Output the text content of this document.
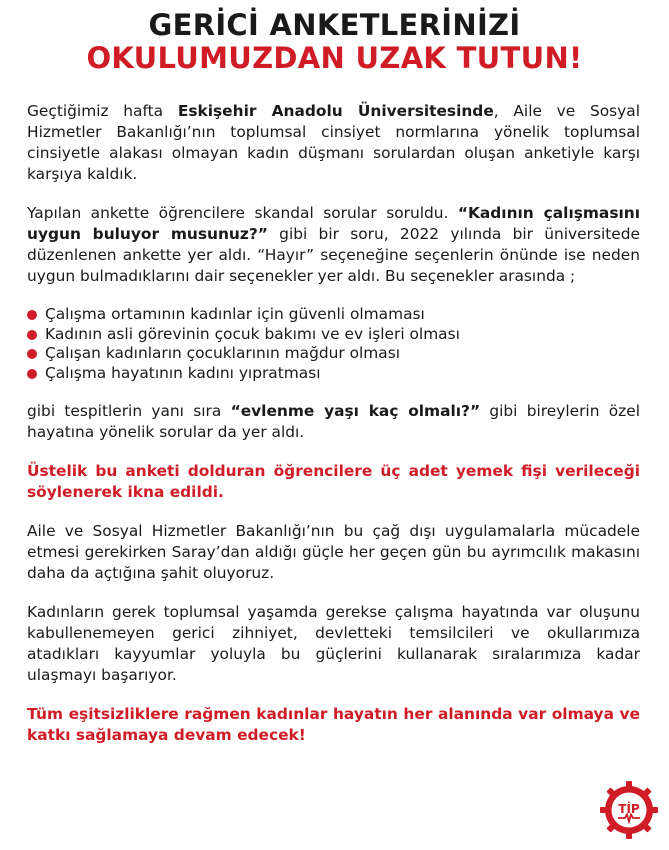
GERİCİ ANKETLERİNİZİ
OKULUMUZDAN UZAK TUTUN!

Geçtiğimiz hafta Eskişehir Anadolu Üniversitesinde, Aile ve Sosyal Hizmetler Bakanlığı’nın toplumsal cinsiyet normlarına yönelik toplumsal cinsiyetle alakası olmayan kadın düşmanı sorulardan oluşan anketiyle karşı karşıya kaldık.

Yapılan ankette öğrencilere skandal sorular soruldu. “Kadının çalışmasını uygun buluyor musunuz?” gibi bir soru, 2022 yılında bir üniversitede düzenlenen ankette yer aldı. “Hayır” seçeneğine seçenlerin önünde ise neden uygun bulmadıklarını dair seçenekler yer aldı. Bu seçenekler arasında ;

Çalışma ortamının kadınlar için güvenli olmaması
Kadının asli görevinin çocuk bakımı ve ev işleri olması
Çalışan kadınların çocuklarının mağdur olması
Çalışma hayatının kadını yıpratması

gibi tespitlerin yanı sıra “evlenme yaşı kaç olmalı?” gibi bireylerin özel hayatına yönelik sorular da yer aldı.

Üstelik bu anketi dolduran öğrencilere üç adet yemek fişi verileceği söylenerek ikna edildi.

Aile ve Sosyal Hizmetler Bakanlığı’nın bu çağ dışı uygulamalarla mücadele etmesi gerekirken Saray’dan aldığı güçle her geçen gün bu ayrımcılık makasını daha da açtığına şahit oluyoruz.

Kadınların gerek toplumsal yaşamda gerekse çalışma hayatında var oluşunu kabullenemeyen gerici zihniyet, devletteki temsilcileri ve okullarımıza atadıkları kayyumlar yoluyla bu güçlerini kullanarak sıralarımıza kadar ulaşmayı başarıyor.

Tüm eşitsizliklere rağmen kadınlar hayatın her alanında var olmaya ve katkı sağlamaya devam edecek!

TİP
